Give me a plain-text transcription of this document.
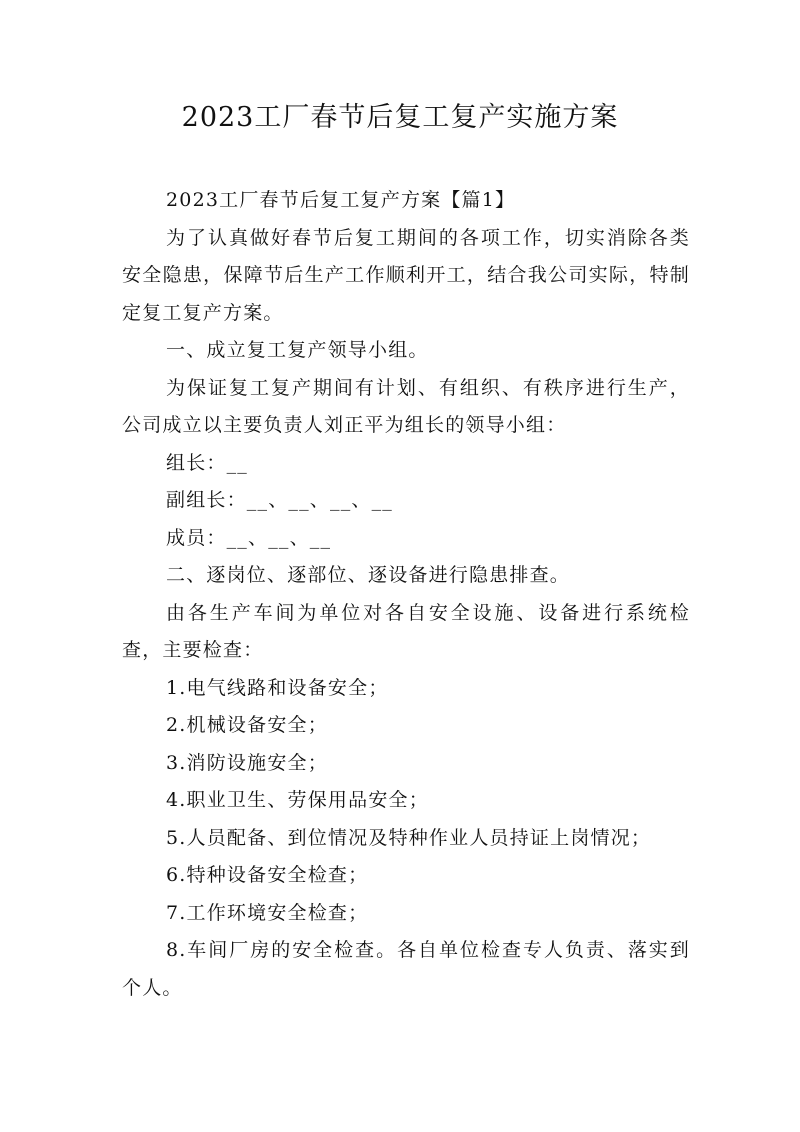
2023工厂春节后复工复产实施方案

2023工厂春节后复工复产方案【篇1】

为了认真做好春节后复工期间的各项工作，切实消除各类安全隐患，保障节后生产工作顺利开工，结合我公司实际，特制定复工复产方案。

一、成立复工复产领导小组。

为保证复工复产期间有计划、有组织、有秩序进行生产，公司成立以主要负责人刘正平为组长的领导小组：

组长：__

副组长：__、__、__、__

成员：__、__、__

二、逐岗位、逐部位、逐设备进行隐患排查。

由各生产车间为单位对各自安全设施、设备进行系统检查，主要检查：

1.电气线路和设备安全；

2.机械设备安全；

3.消防设施安全；

4.职业卫生、劳保用品安全；

5.人员配备、到位情况及特种作业人员持证上岗情况；

6.特种设备安全检查；

7.工作环境安全检查；

8.车间厂房的安全检查。各自单位检查专人负责、落实到个人。
